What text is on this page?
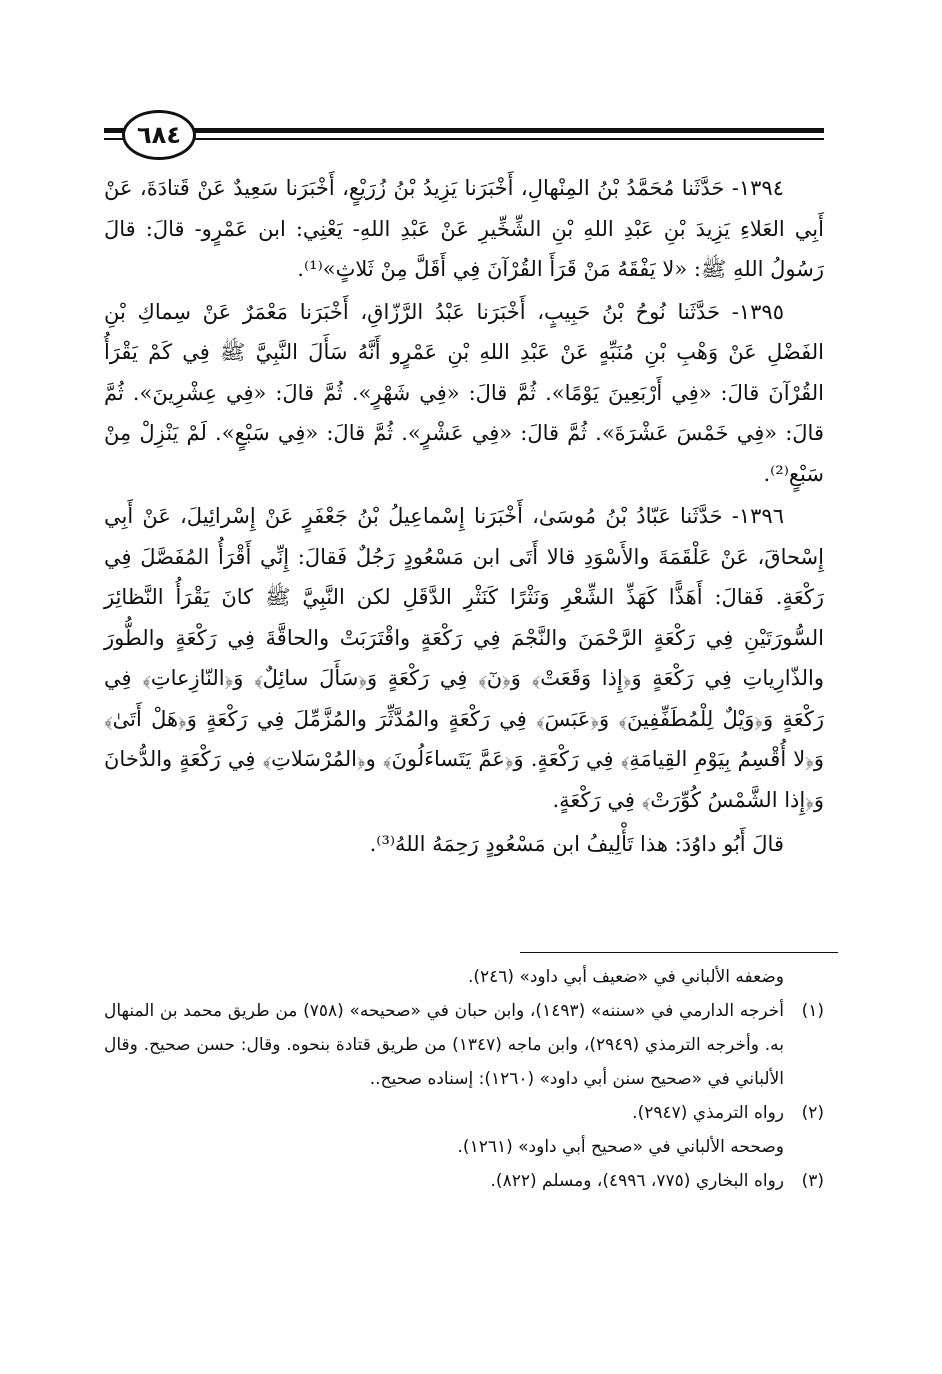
٦٨٤

١٣٩٤- حَدَّثَنا مُحَمَّدُ بْنُ المِنْهالِ، أَخْبَرَنا يَزِيدُ بْنُ زُرَيْعٍ، أَخْبَرَنا سَعِيدٌ عَنْ قَتادَةَ، عَنْ أَبِي العَلاءِ يَزِيدَ بْنِ عَبْدِ اللهِ بْنِ الشِّخِّيرِ عَنْ عَبْدِ اللهِ- يَعْنِي: ابن عَمْرٍو- قالَ: قالَ رَسُولُ اللهِ ﷺ: «لا يَفْقَهُ مَنْ قَرَأَ القُرْآنَ فِي أَقَلَّ مِنْ ثَلاثٍ»⁽¹⁾.

١٣٩٥- حَدَّثَنا نُوحُ بْنُ حَبِيبٍ، أَخْبَرَنا عَبْدُ الرَّزّاقِ، أَخْبَرَنا مَعْمَرٌ عَنْ سِماكِ بْنِ الفَضْلِ عَنْ وَهْبِ بْنِ مُنَبِّهٍ عَنْ عَبْدِ اللهِ بْنِ عَمْرٍو أَنَّهُ سَأَلَ النَّبِيَّ ﷺ فِي كَمْ يَقْرَأُ القُرْآنَ قالَ: «فِي أَرْبَعِينَ يَوْمًا». ثُمَّ قالَ: «فِي شَهْرٍ». ثُمَّ قالَ: «فِي عِشْرِينَ». ثُمَّ قالَ: «فِي خَمْسَ عَشْرَةَ». ثُمَّ قالَ: «فِي عَشْرٍ». ثُمَّ قالَ: «فِي سَبْعٍ». لَمْ يَنْزِلْ مِنْ سَبْعٍ⁽²⁾.

١٣٩٦- حَدَّثَنا عَبّادُ بْنُ مُوسَىٰ، أَخْبَرَنا إِسْماعِيلُ بْنُ جَعْفَرٍ عَنْ إِسْرائِيلَ، عَنْ أَبِي إِسْحاقَ، عَنْ عَلْقَمَةَ والأَسْوَدِ قالا أَتَى ابن مَسْعُودٍ رَجُلٌ فَقالَ: إِنِّي أَقْرَأُ المُفَصَّلَ فِي رَكْعَةٍ. فَقالَ: أَهَذًّا كَهَذِّ الشِّعْرِ وَنَثْرًا كَنَثْرِ الدَّقَلِ لكن النَّبِيَّ ﷺ كانَ يَقْرَأُ النَّظائِرَ السُّورَتَيْنِ فِي رَكْعَةٍ الرَّحْمَنَ والنَّجْمَ فِي رَكْعَةٍ واقْتَرَبَتْ والحاقَّةَ فِي رَكْعَةٍ والطُّورَ والذّارِياتِ فِي رَكْعَةٍ وَ﴿إِذا وَقَعَتْ﴾ وَ﴿نٓ﴾ فِي رَكْعَةٍ وَ﴿سَأَلَ سائِلٌ﴾ وَ﴿النّازِعاتِ﴾ فِي رَكْعَةٍ وَ﴿وَيْلٌ لِلْمُطَفِّفِينَ﴾ وَ﴿عَبَسَ﴾ فِي رَكْعَةٍ والمُدَّثِّرَ والمُزَّمِّلَ فِي رَكْعَةٍ وَ﴿هَلْ أَتَىٰ﴾ وَ﴿لا أُقْسِمُ بِيَوْمِ القِيامَةِ﴾ فِي رَكْعَةٍ. وَ﴿عَمَّ يَتَساءَلُونَ﴾ و﴿المُرْسَلاتِ﴾ فِي رَكْعَةٍ والدُّخانَ وَ﴿إِذا الشَّمْسُ كُوِّرَتْ﴾ فِي رَكْعَةٍ.

قالَ أَبُو داوُدَ: هذا تَأْلِيفُ ابن مَسْعُودٍ رَحِمَهُ اللهُ⁽³⁾.

وضعفه الألباني في «ضعيف أبي داود» (٢٤٦).

(١)
أخرجه الدارمي في «سننه» (١٤٩٣)، وابن حبان في «صحيحه» (٧٥٨) من طريق محمد بن المنهال به. وأخرجه الترمذي (٢٩٤٩)، وابن ماجه (١٣٤٧) من طريق قتادة بنحوه. وقال: حسن صحيح. وقال الألباني في «صحيح سنن أبي داود» (١٢٦٠): إسناده صحيح..
(٢)
رواه الترمذي (٢٩٤٧).

وصححه الألباني في «صحيح أبي داود» (١٢٦١).

(٣)
رواه البخاري (٧٧٥، ٤٩٩٦)، ومسلم (٨٢٢).
